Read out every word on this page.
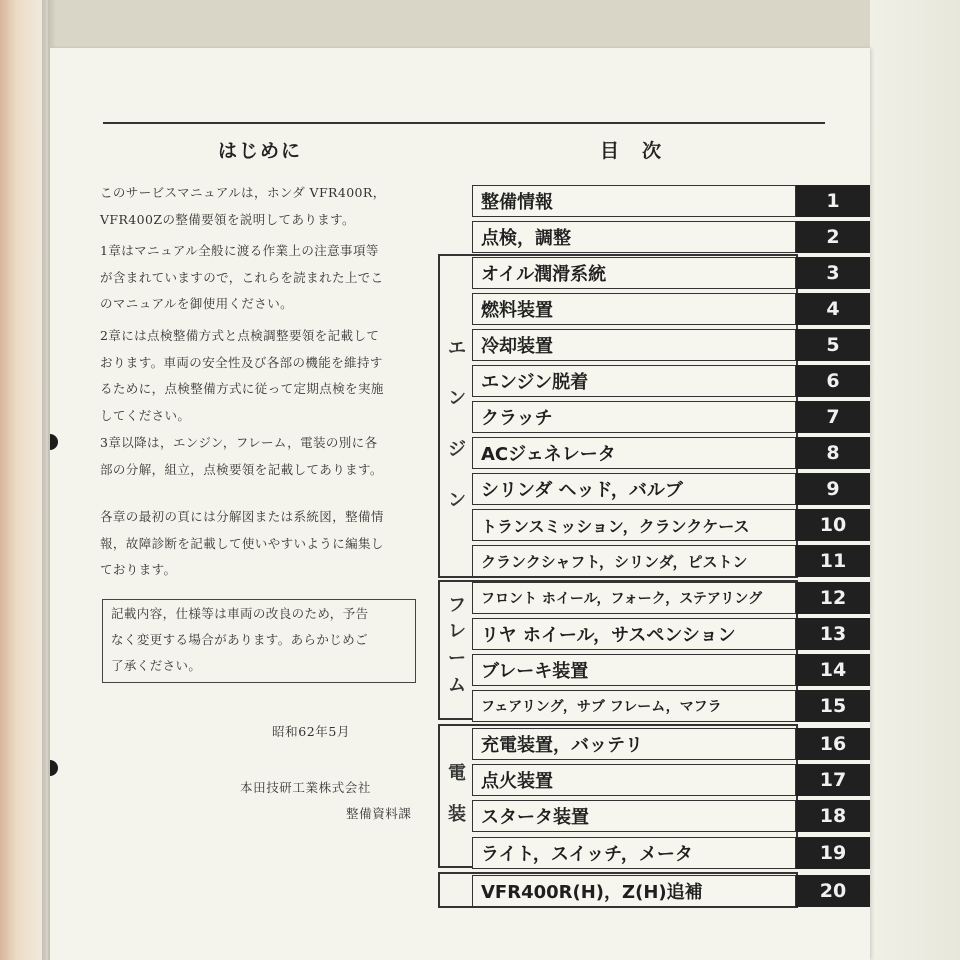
はじめに

このサービスマニュアルは，ホンダ VFR400R，
VFR400Zの整備要領を説明してあります。

1章はマニュアル全般に渡る作業上の注意事項等
が含まれていますので，これらを読まれた上でこ
のマニュアルを御使用ください。

2章には点検整備方式と点検調整要領を記載して
おります。車両の安全性及び各部の機能を維持す
るために，点検整備方式に従って定期点検を実施
してください。

3章以降は，エンジン，フレーム，電装の別に各
部の分解，組立，点検要領を記載してあります。

各章の最初の頁には分解図または系統図，整備情
報，故障診断を記載して使いやすいように編集し
ております。

記載内容，仕様等は車両の改良のため，予告
なく変更する場合があります。あらかじめご
了承ください。

昭和62年5月
本田技研工業株式会社
整備資料課
目　次
エ
ン
ジ
ン
フ
レ
ー
ム
電
装
整備情報	1
点検，調整	2
オイル潤滑系統	3
燃料装置	4
冷却装置	5
エンジン脱着	6
クラッチ	7
ACジェネレータ	8
シリンダ ヘッド，バルブ	9
トランスミッション，クランクケース	10
クランクシャフト，シリンダ，ピストン	11
フロント ホイール，フォーク，ステアリング	12
リヤ ホイール，サスペンション	13
ブレーキ装置	14
フェアリング，サブ フレーム，マフラ	15
充電装置，バッテリ	16
点火装置	17
スタータ装置	18
ライト，スイッチ，メータ	19
VFR400R(H)，Z(H)追補	20
